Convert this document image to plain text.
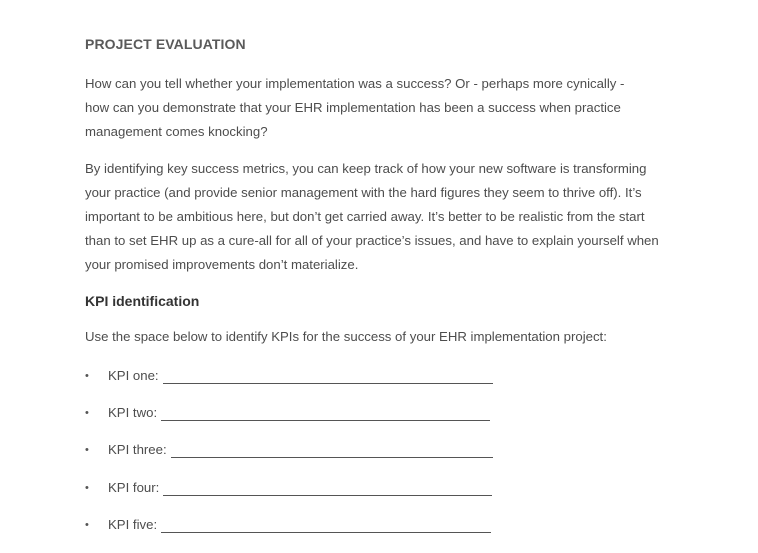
PROJECT EVALUATION
How can you tell whether your implementation was a success? Or - perhaps more cynically -
how can you demonstrate that your EHR implementation has been a success when practice
management comes knocking?
By identifying key success metrics, you can keep track of how your new software is transforming
your practice (and provide senior management with the hard figures they seem to thrive off). It’s
important to be ambitious here, but don’t get carried away. It’s better to be realistic from the start
than to set EHR up as a cure-all for all of your practice’s issues, and have to explain yourself when
your promised improvements don’t materialize.
KPI identification
Use the space below to identify KPIs for the success of your EHR implementation project:
•	KPI one:
•	KPI two:
•	KPI three:
•	KPI four:
•	KPI five:
